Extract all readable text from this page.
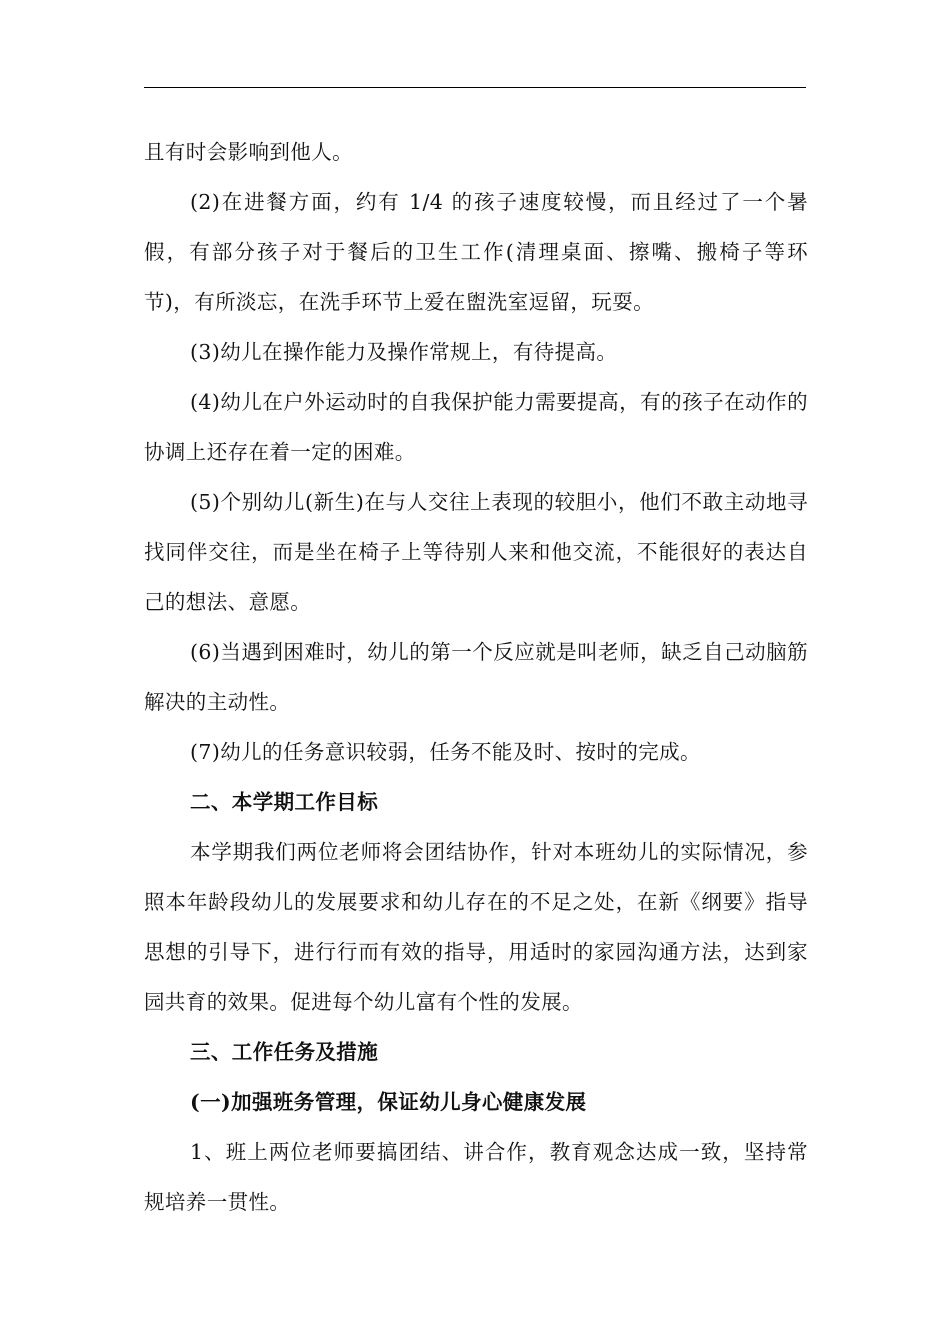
且有时会影响到他人。

(2)在进餐方面，约有 1/4 的孩子速度较慢，而且经过了一个暑假，有部分孩子对于餐后的卫生工作(清理桌面、擦嘴、搬椅子等环节)，有所淡忘，在洗手环节上爱在盥洗室逗留，玩耍。

(3)幼儿在操作能力及操作常规上，有待提高。

(4)幼儿在户外运动时的自我保护能力需要提高，有的孩子在动作的协调上还存在着一定的困难。

(5)个别幼儿(新生)在与人交往上表现的较胆小，他们不敢主动地寻找同伴交往，而是坐在椅子上等待别人来和他交流，不能很好的表达自己的想法、意愿。

(6)当遇到困难时，幼儿的第一个反应就是叫老师，缺乏自己动脑筋解决的主动性。

(7)幼儿的任务意识较弱，任务不能及时、按时的完成。

二、本学期工作目标

本学期我们两位老师将会团结协作，针对本班幼儿的实际情况，参照本年龄段幼儿的发展要求和幼儿存在的不足之处，在新《纲要》指导思想的引导下，进行行而有效的指导，用适时的家园沟通方法，达到家园共育的效果。促进每个幼儿富有个性的发展。

三、工作任务及措施

(一)加强班务管理，保证幼儿身心健康发展

1、班上两位老师要搞团结、讲合作，教育观念达成一致，坚持常规培养一贯性。
